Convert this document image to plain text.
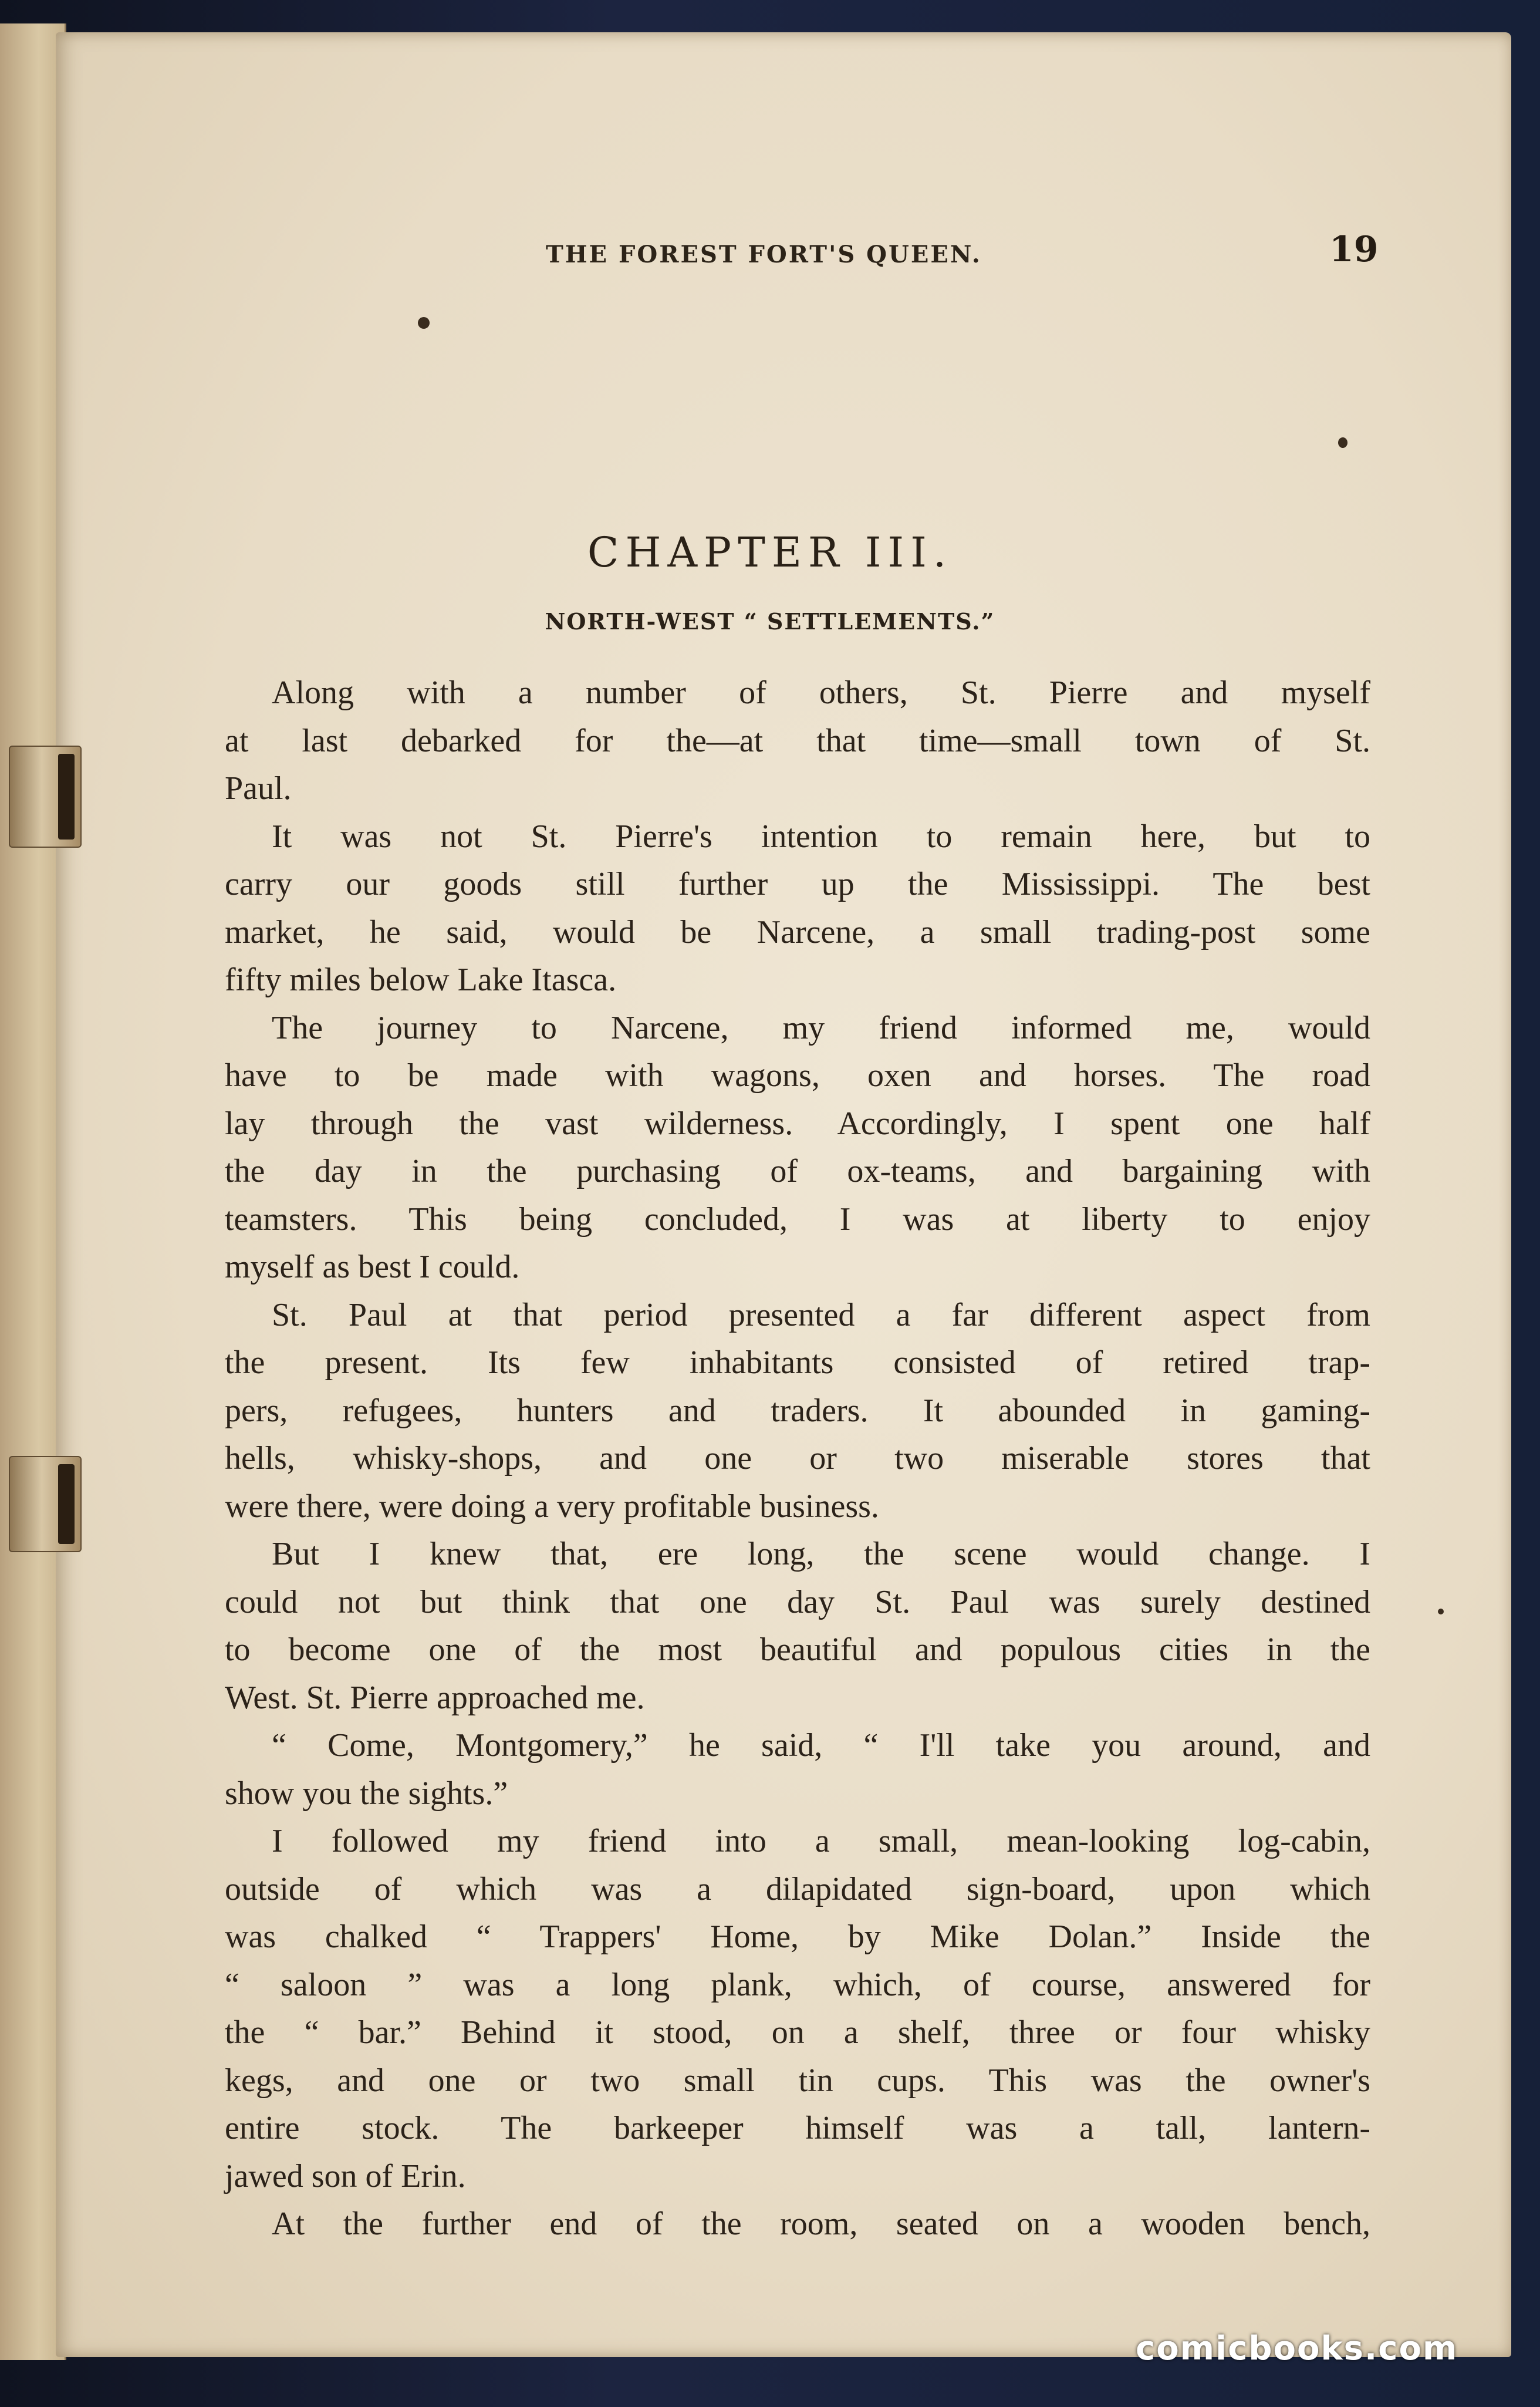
THE FOREST FORT'S QUEEN.	19
CHAPTER III.
NORTH-WEST “ SETTLEMENTS.”
Along with a number of others, St. Pierre and myself
at last debarked for the—at that time—small town of St.
Paul.
It was not St. Pierre's intention to remain here, but to
carry our goods still further up the Mississippi. The best
market, he said, would be Narcene, a small trading-post some
fifty miles below Lake Itasca.
The journey to Narcene, my friend informed me, would
have to be made with wagons, oxen and horses. The road
lay through the vast wilderness. Accordingly, I spent one half
the day in the purchasing of ox-teams, and bargaining with
teamsters. This being concluded, I was at liberty to enjoy
myself as best I could.
St. Paul at that period presented a far different aspect from
the present. Its few inhabitants consisted of retired trap-
pers, refugees, hunters and traders. It abounded in gaming-
hells, whisky-shops, and one or two miserable stores that
were there, were doing a very profitable business.
But I knew that, ere long, the scene would change. I
could not but think that one day St. Paul was surely destined
to become one of the most beautiful and populous cities in the
West. St. Pierre approached me.
“ Come, Montgomery,” he said, “ I'll take you around, and
show you the sights.”
I followed my friend into a small, mean-looking log-cabin,
outside of which was a dilapidated sign-board, upon which
was chalked “ Trappers' Home, by Mike Dolan.” Inside the
“ saloon ” was a long plank, which, of course, answered for
the “ bar.” Behind it stood, on a shelf, three or four whisky
kegs, and one or two small tin cups. This was the owner's
entire stock. The barkeeper himself was a tall, lantern-
jawed son of Erin.
At the further end of the room, seated on a wooden bench,
comicbooks.com
